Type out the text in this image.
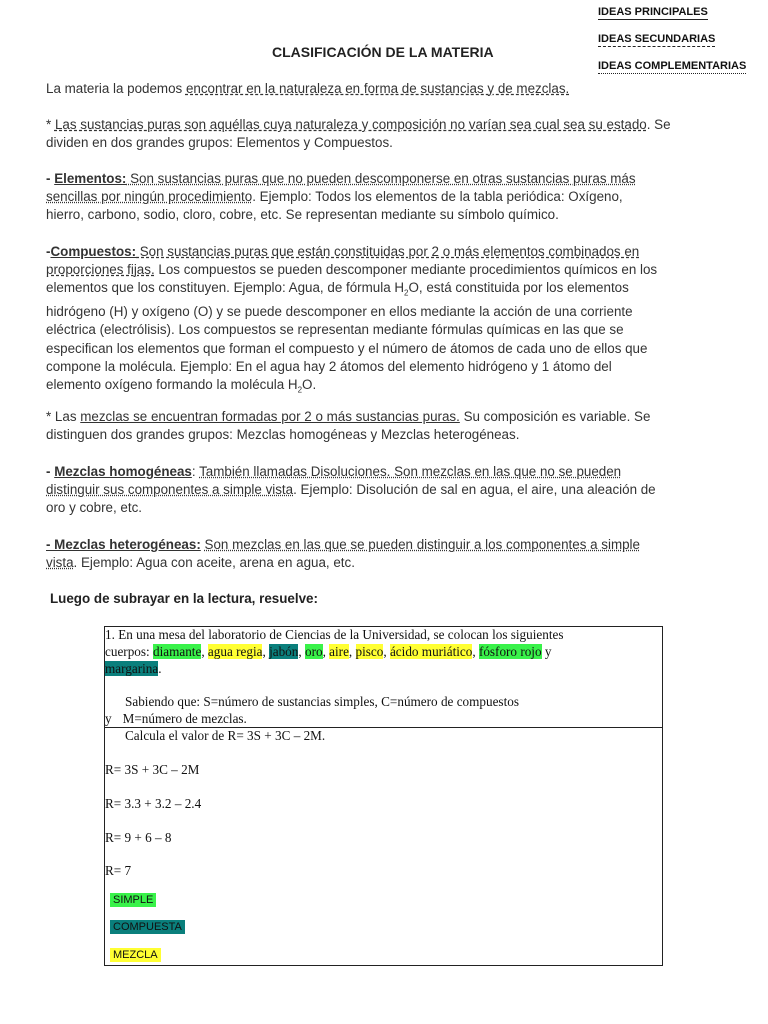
IDEAS PRINCIPALES
IDEAS SECUNDARIAS
IDEAS COMPLEMENTARIAS
CLASIFICACIÓN DE LA MATERIA
La materia la podemos encontrar en la naturaleza en forma de sustancias y de mezclas.
* Las sustancias puras son aquéllas cuya naturaleza y composición no varían sea cual sea su estado. Se
dividen en dos grandes grupos: Elementos y Compuestos.
- Elementos: Son sustancias puras que no pueden descomponerse en otras sustancias puras más
sencillas por ningún procedimiento. Ejemplo: Todos los elementos de la tabla periódica: Oxígeno,
hierro, carbono, sodio, cloro, cobre, etc. Se representan mediante su símbolo químico.
-Compuestos: Son sustancias puras que están constituidas por 2 o más elementos combinados en
proporciones fijas. Los compuestos se pueden descomponer mediante procedimientos químicos en los
elementos que los constituyen. Ejemplo: Agua, de fórmula $H_2O$, está constituida por los elementos
hidrógeno (H) y oxígeno (O) y se puede descomponer en ellos mediante la acción de una corriente
eléctrica (electrólisis). Los compuestos se representan mediante fórmulas químicas en las que se
especifican los elementos que forman el compuesto y el número de átomos de cada uno de ellos que
compone la molécula. Ejemplo: En el agua hay 2 átomos del elemento hidrógeno y 1 átomo del
elemento oxígeno formando la molécula $H_2O$.
* Las mezclas se encuentran formadas por 2 o más sustancias puras. Su composición es variable. Se
distinguen dos grandes grupos: Mezclas homogéneas y Mezclas heterogéneas.
- Mezclas homogéneas: También llamadas Disoluciones. Son mezclas en las que no se pueden
distinguir sus componentes a simple vista. Ejemplo: Disolución de sal en agua, el aire, una aleación de
oro y cobre, etc.
- Mezclas heterogéneas: Son mezclas en las que se pueden distinguir a los componentes a simple
vista. Ejemplo: Agua con aceite, arena en agua, etc.
Luego de subrayar en la lectura, resuelve:
1. En una mesa del laboratorio de Ciencias de la Universidad, se colocan los siguientes
cuerpos: diamante, agua regia, jabón, oro, aire, pisco, ácido muriático, fósforo rojo y
margarina.
Sabiendo que: S=número de sustancias simples, C=número de compuestos
y M=número de mezclas.
Calcula el valor de R= 3S + 3C – 2M.
R= 3S + 3C – 2M
R= 3.3 + 3.2 – 2.4
R= 9 + 6 – 8
R= 7
SIMPLE
COMPUESTA
MEZCLA
